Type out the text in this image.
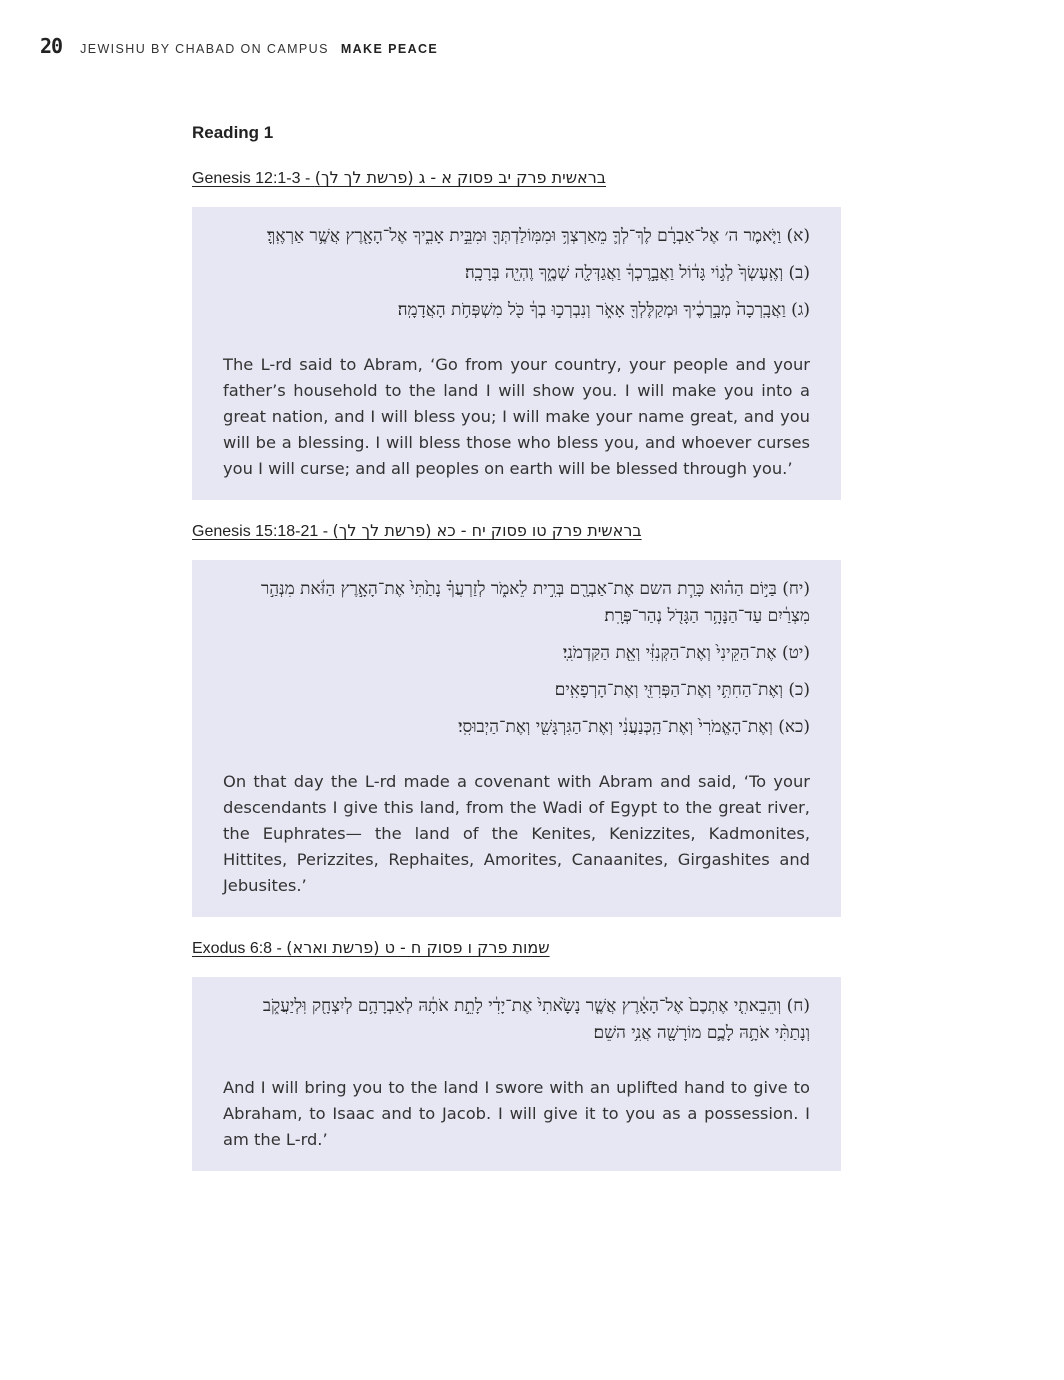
20 JEWISHU BY CHABAD ON CAMPUS MAKE PEACE
Reading 1
Genesis 12:1-3 - בראשית פרק יב פסוק א - ג (פרשת לך לך)

(א) וַיֹּ֤אמֶר ה׳ אֶל־אַבְרָ֔ם לֶךְ־לְךָ֛ מֵאַרְצְךָ֥ וּמִמּֽוֹלַדְתְּךָ֖ וּמִבֵּ֣ית אָבִ֑יךָ אֶל־הָאָ֖רֶץ אֲשֶׁ֥ר אַרְאֶֽךָּ׃

(ב) וְאֶֽעֶשְׂךָ֙ לְג֣וֹי גָּד֔וֹל וַאֲבָ֣רֶכְךָ֔ וַאֲגַדְּלָ֖ה שְׁמֶ֑ךָ וֶהְיֵ֖ה בְּרָכָֽה׃

(ג) וַאֲבָֽרְכָה֙ מְבָ֣רְכֶ֔יךָ וּמְקַלֶּלְךָ֖ אָאֹ֑ר וְנִבְרְכ֣וּ בְךָ֔ כֹּ֖ל מִשְׁפְּחֹ֥ת הָאֲדָמָֽה׃

The L-rd said to Abram, ‘Go from your country, your people and your father’s household to the land I will show you. I will make you into a great nation, and I will bless you; I will make your name great, and you will be a blessing. I will bless those who bless you, and whoever curses you I will curse; and all peoples on earth will be blessed through you.’
Genesis 15:18-21 - בראשית פרק טו פסוק יח - כא (פרשת לך לך)

(יח) בַּיּ֣וֹם הַה֗וּא כָּרַ֧ת השם אֶת־אַבְרָ֖ם בְּרִ֣ית לֵאמֹ֑ר לְזַרְעֲךָ֗ נָתַ֙תִּי֙ אֶת־הָאָ֣רֶץ הַזֹּ֔את מִנְּהַ֣ר מִצְרַ֔יִם עַד־הַנָּהָ֥ר הַגָּדֹ֖ל נְהַר־פְּרָֽת׃

(יט) אֶת־הַקֵּינִי֙ וְאֶת־הַקְּנִזִּ֔י וְאֵ֖ת הַקַּדְמֹנִֽי׃

(כ) וְאֶת־הַחִתִּ֥י וְאֶת־הַפְּרִזִּ֖י וְאֶת־הָרְפָאִֽים׃

(כא) וְאֶת־הָאֱמֹרִי֙ וְאֶת־הַֽכְּנַעֲנִ֔י וְאֶת־הַגִּרְגָּשִׁ֖י וְאֶת־הַיְבוּסִֽי׃

On that day the L-rd made a covenant with Abram and said, ‘To your descendants I give this land, from the Wadi of Egypt to the great river, the Euphrates— the land of the Kenites, Kenizzites, Kadmonites, Hittites, Perizzites, Rephaites, Amorites, Canaanites, Girgashites and Jebusites.’
Exodus 6:8 - שמות פרק ו פסוק ח - ט (פרשת וארא)

(ח) וְהֵבֵאתִ֤י אֶתְכֶם֙ אֶל־הָאָ֔רֶץ אֲשֶׁ֤ר נָשָׂ֙אתִי֙ אֶת־יָדִ֔י לָתֵ֣ת אֹתָ֔הּ לְאַבְרָהָ֥ם לְיִצְחָ֖ק וּֽלְיַעֲקֹ֑ב וְנָתַתִּ֨י אֹתָ֥הּ לָכֶ֛ם מוֹרָשָׁ֖ה אֲנִ֥י השֵׁם׃

And I will bring you to the land I swore with an uplifted hand to give to Abraham, to Isaac and to Jacob. I will give it to you as a possession. I am the L-rd.’
